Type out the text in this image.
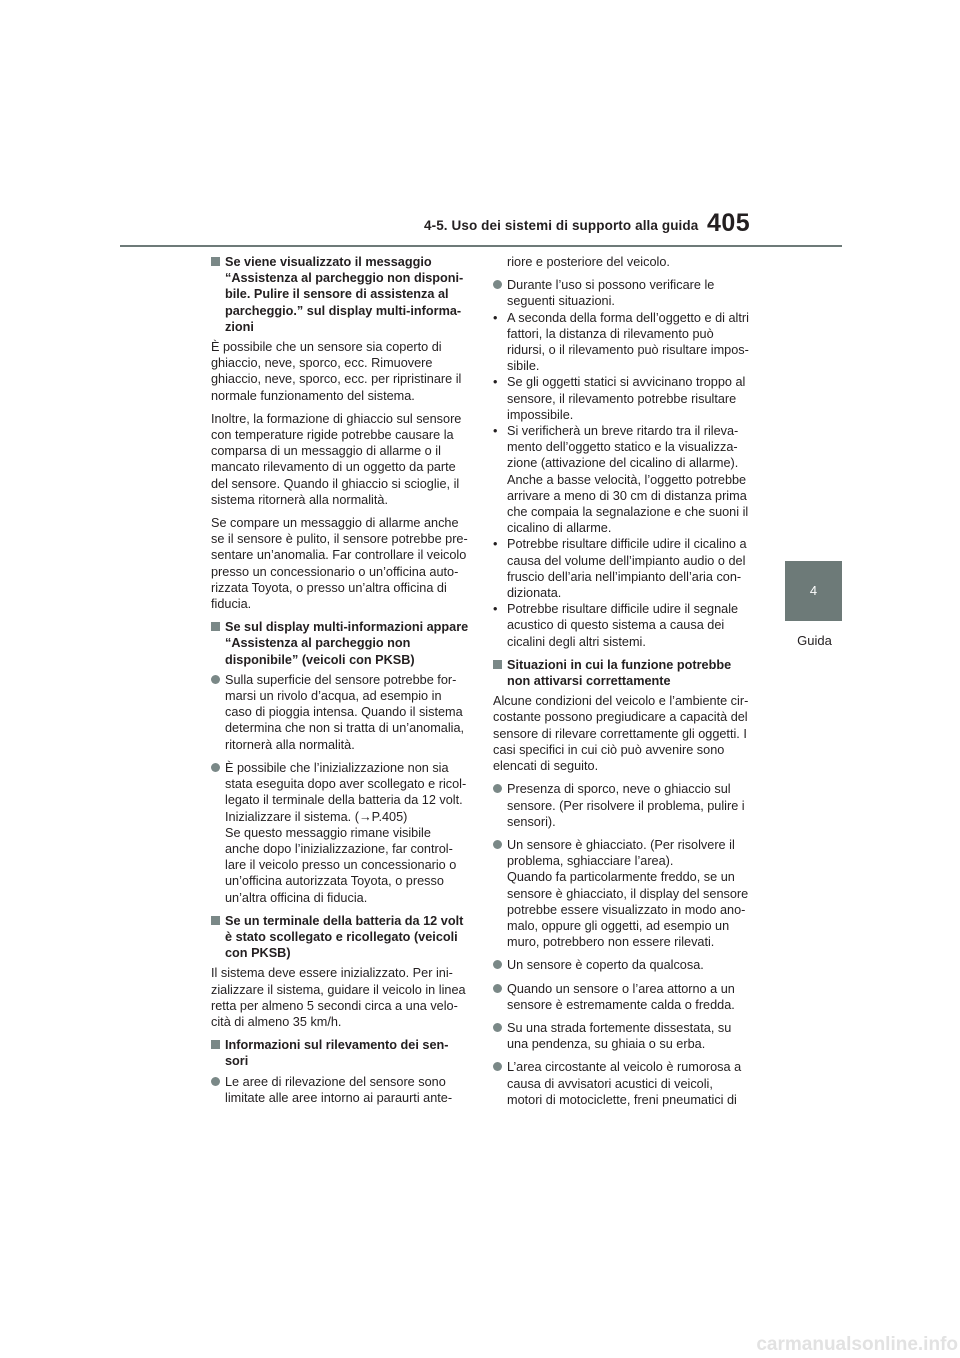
4-5. Uso dei sistemi di supporto alla guida 405
4
Guida

Se viene visualizzato il messaggio “Assistenza al parcheggio non disponi- bile. Pulire il sensore di assistenza al parcheggio.” sul display multi-informa- zioni

È possibile che un sensore sia coperto di ghiaccio, neve, sporco, ecc. Rimuovere ghiaccio, neve, sporco, ecc. per ripristinare il normale funzionamento del sistema.

Inoltre, la formazione di ghiaccio sul sensore con temperature rigide potrebbe causare la comparsa di un messaggio di allarme o il mancato rilevamento di un oggetto da parte del sensore. Quando il ghiaccio si scioglie, il sistema ritornerà alla normalità.

Se compare un messaggio di allarme anche se il sensore è pulito, il sensore potrebbe pre- sentare un’anomalia. Far controllare il veicolo presso un concessionario o un’officina auto- rizzata Toyota, o presso un’altra officina di fiducia.

Se sul display multi-informazioni appare “Assistenza al parcheggio non disponibile” (veicoli con PKSB)

Sulla superficie del sensore potrebbe for- marsi un rivolo d’acqua, ad esempio in caso di pioggia intensa. Quando il sistema determina che non si tratta di un’anomalia, ritornerà alla normalità.

È possibile che l’inizializzazione non sia stata eseguita dopo aver scollegato e ricol- legato il terminale della batteria da 12 volt. Inizializzare il sistema. (→P.405)

Se questo messaggio rimane visibile anche dopo l’inizializzazione, far control- lare il veicolo presso un concessionario o un’officina autorizzata Toyota, o presso un’altra officina di fiducia.

Se un terminale della batteria da 12 volt è stato scollegato e ricollegato (veicoli con PKSB)

Il sistema deve essere inizializzato. Per ini- zializzare il sistema, guidare il veicolo in linea retta per almeno 5 secondi circa a una velo- cità di almeno 35 km/h.

Informazioni sul rilevamento dei sen- sori

Le aree di rilevazione del sensore sono limitate alle aree intorno ai paraurti ante-

riore e posteriore del veicolo.

Durante l’uso si possono verificare le seguenti situazioni.

• A seconda della forma dell’oggetto e di altri fattori, la distanza di rilevamento può ridursi, o il rilevamento può risultare impos- sibile.

• Se gli oggetti statici si avvicinano troppo al sensore, il rilevamento potrebbe risultare impossibile.

• Si verificherà un breve ritardo tra il rileva- mento dell’oggetto statico e la visualizza- zione (attivazione del cicalino di allarme). Anche a basse velocità, l’oggetto potrebbe arrivare a meno di 30 cm di distanza prima che compaia la segnalazione e che suoni il cicalino di allarme.

• Potrebbe risultare difficile udire il cicalino a causa del volume dell’impianto audio o del fruscio dell’aria nell’impianto dell’aria con- dizionata.

• Potrebbe risultare difficile udire il segnale acustico di questo sistema a causa dei cicalini degli altri sistemi.

Situazioni in cui la funzione potrebbe non attivarsi correttamente

Alcune condizioni del veicolo e l’ambiente cir- costante possono pregiudicare a capacità del sensore di rilevare correttamente gli oggetti. I casi specifici in cui ciò può avvenire sono elencati di seguito.

Presenza di sporco, neve o ghiaccio sul sensore. (Per risolvere il problema, pulire i sensori).

Un sensore è ghiacciato. (Per risolvere il problema, sghiacciare l’area).

Quando fa particolarmente freddo, se un sensore è ghiacciato, il display del sensore potrebbe essere visualizzato in modo ano- malo, oppure gli oggetti, ad esempio un muro, potrebbero non essere rilevati.

Un sensore è coperto da qualcosa.

Quando un sensore o l’area attorno a un sensore è estremamente calda o fredda.

Su una strada fortemente dissestata, su una pendenza, su ghiaia o su erba.

L’area circostante al veicolo è rumorosa a causa di avvisatori acustici di veicoli, motori di motociclette, freni pneumatici di

carmanualsonline.info
